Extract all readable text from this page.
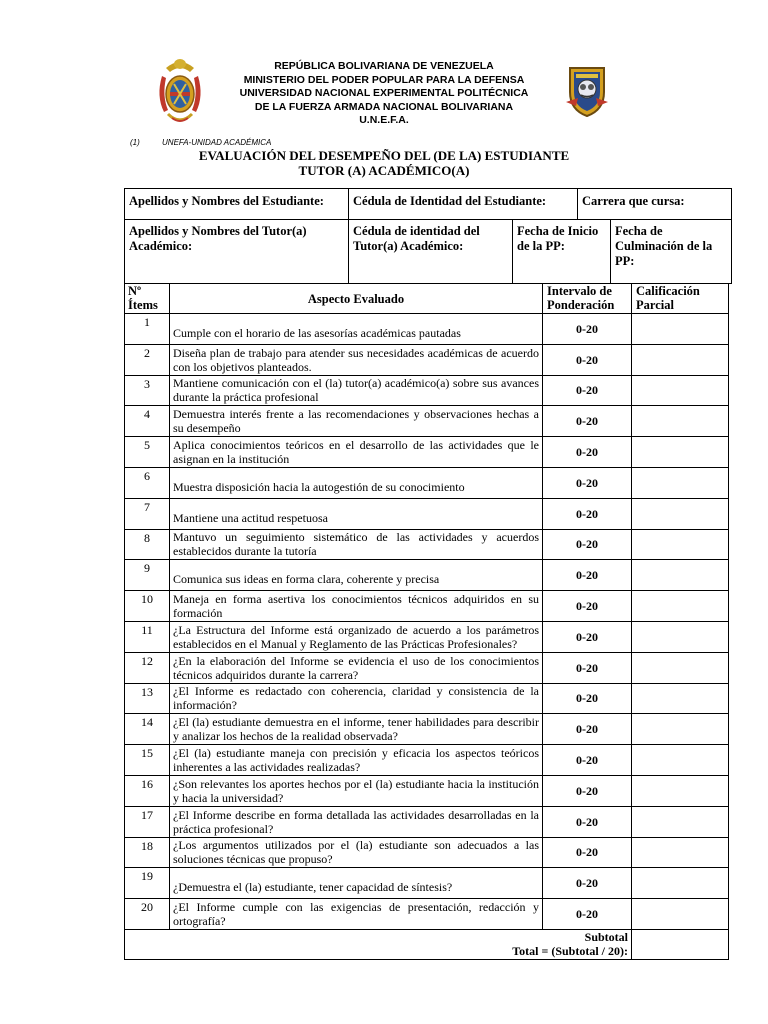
REPÚBLICA BOLIVARIANA DE VENEZUELA
MINISTERIO DEL PODER POPULAR PARA LA DEFENSA
UNIVERSIDAD NACIONAL EXPERIMENTAL POLITÉCNICA
DE LA FUERZA ARMADA NACIONAL BOLIVARIANA
U.N.E.F.A.
(1)	UNEFA-UNIDAD ACADÉMICA
EVALUACIÓN DEL DESEMPEÑO DEL (DE LA) ESTUDIANTE
TUTOR (A) ACADÉMICO(A)
Apellidos y Nombres del Estudiante:	Cédula de Identidad del Estudiante:	Carrera que cursa:
Apellidos y Nombres del Tutor(a) Académico:	Cédula de identidad del Tutor(a) Académico:	Fecha de Inicio de la PP:	Fecha de Culminación de la PP:
Nº Ítems	Aspecto Evaluado	Intervalo de Ponderación	Calificación Parcial
1	Cumple con el horario de las asesorías académicas pautadas	0-20	
2	Diseña plan de trabajo para atender sus necesidades académicas de acuerdo con los objetivos planteados.	0-20	
3	Mantiene comunicación con el (la) tutor(a) académico(a) sobre sus avances durante la práctica profesional	0-20	
4	Demuestra interés frente a las recomendaciones y observaciones hechas a su desempeño	0-20	
5	Aplica conocimientos teóricos en el desarrollo de las actividades que le asignan en la institución	0-20	
6	Muestra disposición hacia la autogestión de su conocimiento	0-20	
7	Mantiene una actitud respetuosa	0-20	
8	Mantuvo un seguimiento sistemático de las actividades y acuerdos establecidos durante la tutoría	0-20	
9	Comunica sus ideas en forma clara, coherente y precisa	0-20	
10	Maneja en forma asertiva los conocimientos técnicos adquiridos en su formación	0-20	
11	¿La Estructura del Informe está organizado de acuerdo a los parámetros establecidos en el Manual y Reglamento de las Prácticas Profesionales?	0-20	
12	¿En la elaboración del Informe se evidencia el uso de los conocimientos técnicos adquiridos durante la carrera?	0-20	
13	¿El Informe es redactado con coherencia, claridad y consistencia de la información?	0-20	
14	¿El (la) estudiante demuestra en el informe, tener habilidades para describir y analizar los hechos de la realidad observada?	0-20	
15	¿El (la) estudiante maneja con precisión y eficacia los aspectos teóricos inherentes a las actividades realizadas?	0-20	
16	¿Son relevantes los aportes hechos por el (la) estudiante hacia la institución y hacia la universidad?	0-20	
17	¿El Informe describe en forma detallada las actividades desarrolladas en la práctica profesional?	0-20	
18	¿Los argumentos utilizados por el (la) estudiante son adecuados a las soluciones técnicas que propuso?	0-20	
19	¿Demuestra el (la) estudiante, tener capacidad de síntesis?	0-20	
20	¿El Informe cumple con las exigencias de presentación, redacción y ortografía?	0-20	

Subtotal
Total = (Subtotal / 20):			
